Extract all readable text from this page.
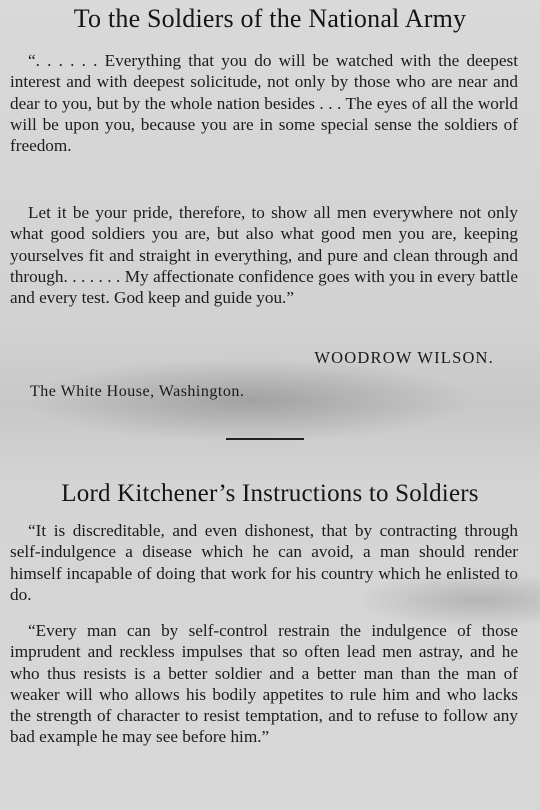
To the Soldiers of the National Army
“. . . . . . Everything that you do will be watched with the deepest interest and with deepest solicitude, not only by those who are near and dear to you, but by the whole nation besides . . . The eyes of all the world will be upon you, because you are in some special sense the soldiers of freedom.
Let it be your pride, therefore, to show all men everywhere not only what good soldiers you are, but also what good men you are, keeping yourselves fit and straight in everything, and pure and clean through and through. . . . . . . My affectionate confidence goes with you in every battle and every test. God keep and guide you.”
WOODROW WILSON.
The White House, Washington.
Lord Kitchener’s Instructions to Soldiers
“It is discreditable, and even dishonest, that by contracting through self-indulgence a disease which he can avoid, a man should render himself incapable of doing that work for his country which he enlisted to do.
“Every man can by self-control restrain the indulgence of those imprudent and reckless impulses that so often lead men astray, and he who thus resists is a better soldier and a better man than the man of weaker will who allows his bodily appetites to rule him and who lacks the strength of character to resist temptation, and to refuse to follow any bad example he may see before him.”
